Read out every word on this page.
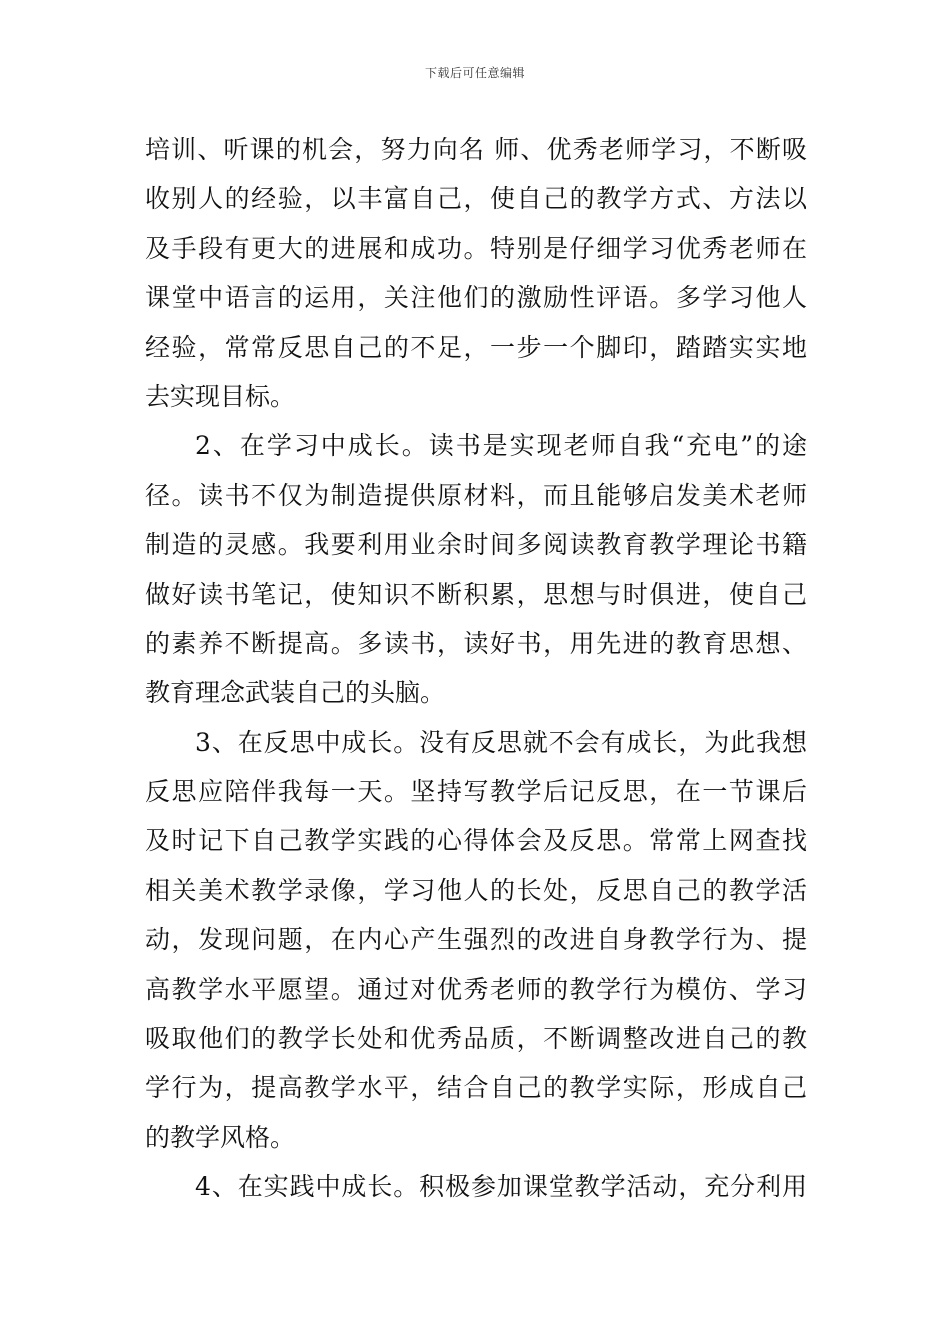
下载后可任意编辑
培训、听课的机会，努力向名 师、优秀老师学习，不断吸
收别人的经验，以丰富自己，使自己的教学方式、方法以
及手段有更大的进展和成功。特别是仔细学习优秀老师在
课堂中语言的运用，关注他们的激励性评语。多学习他人
经验，常常反思自己的不足，一步一个脚印，踏踏实实地
去实现目标。
2、在学习中成长。读书是实现老师自我“充电”的途
径。读书不仅为制造提供原材料，而且能够启发美术老师
制造的灵感。我要利用业余时间多阅读教育教学理论书籍
做好读书笔记，使知识不断积累，思想与时俱进，使自己
的素养不断提高。多读书，读好书，用先进的教育思想、
教育理念武装自己的头脑。
3、在反思中成长。没有反思就不会有成长，为此我想
反思应陪伴我每一天。坚持写教学后记反思，在一节课后
及时记下自己教学实践的心得体会及反思。常常上网查找
相关美术教学录像，学习他人的长处，反思自己的教学活
动，发现问题，在内心产生强烈的改进自身教学行为、提
高教学水平愿望。通过对优秀老师的教学行为模仿、学习
吸取他们的教学长处和优秀品质，不断调整改进自己的教
学行为，提高教学水平，结合自己的教学实际，形成自己
的教学风格。
4、在实践中成长。积极参加课堂教学活动，充分利用
